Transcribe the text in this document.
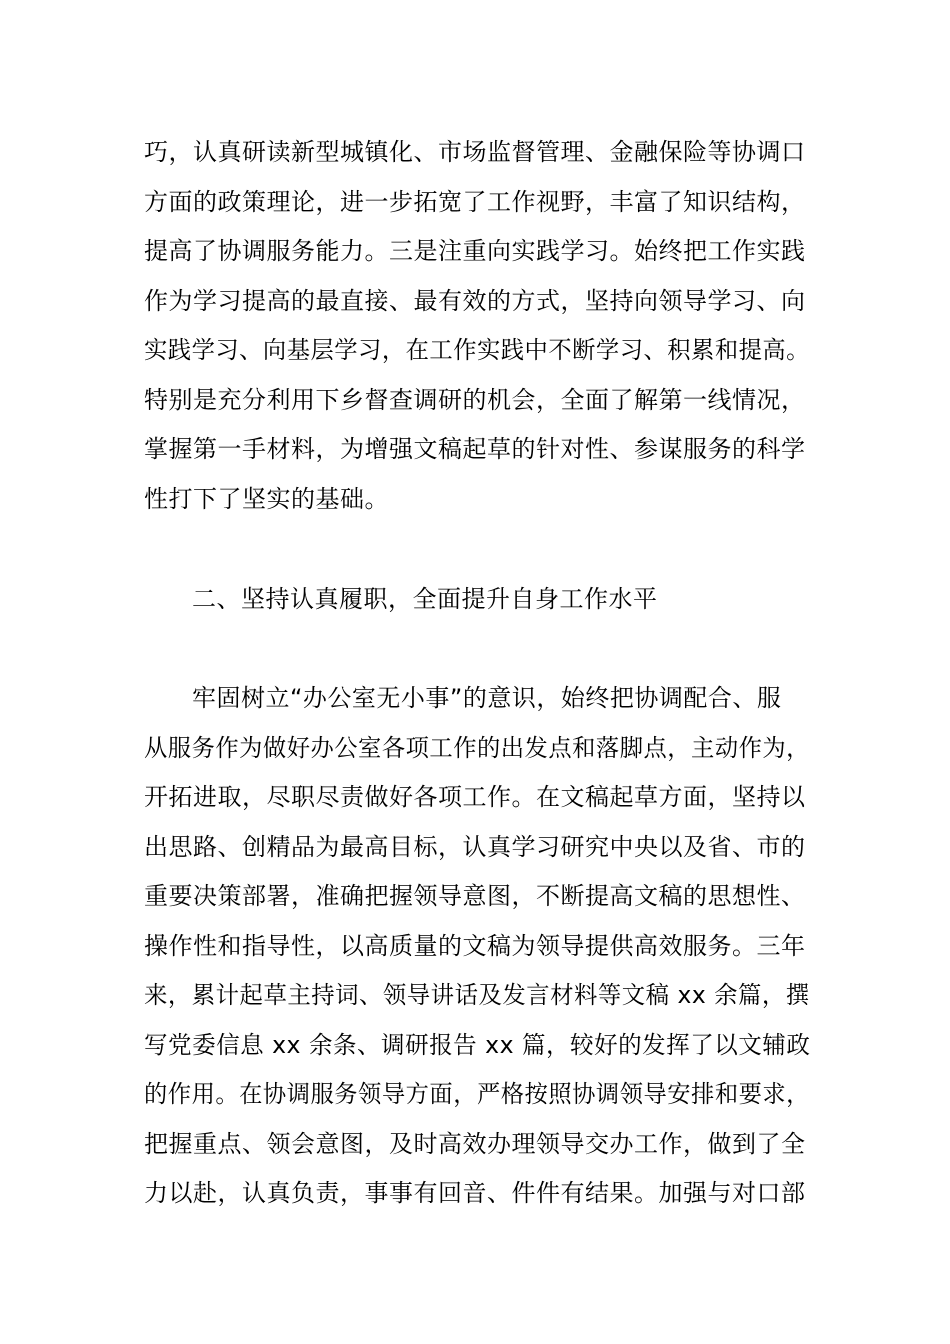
巧，认真研读新型城镇化、市场监督管理、金融保险等协调口
方面的政策理论，进一步拓宽了工作视野，丰富了知识结构，
提高了协调服务能力。三是注重向实践学习。始终把工作实践
作为学习提高的最直接、最有效的方式，坚持向领导学习、向
实践学习、向基层学习，在工作实践中不断学习、积累和提高。
特别是充分利用下乡督查调研的机会，全面了解第一线情况，
掌握第一手材料，为增强文稿起草的针对性、参谋服务的科学
性打下了坚实的基础。
二、坚持认真履职，全面提升自身工作水平
牢固树立“办公室无小事”的意识，始终把协调配合、服
从服务作为做好办公室各项工作的出发点和落脚点，主动作为，
开拓进取，尽职尽责做好各项工作。在文稿起草方面，坚持以
出思路、创精品为最高目标，认真学习研究中央以及省、市的
重要决策部署，准确把握领导意图，不断提高文稿的思想性、
操作性和指导性，以高质量的文稿为领导提供高效服务。三年
来，累计起草主持词、领导讲话及发言材料等文稿 xx 余篇，撰
写党委信息 xx 余条、调研报告 xx 篇，较好的发挥了以文辅政
的作用。在协调服务领导方面，严格按照协调领导安排和要求，
把握重点、领会意图，及时高效办理领导交办工作，做到了全
力以赴，认真负责，事事有回音、件件有结果。加强与对口部
